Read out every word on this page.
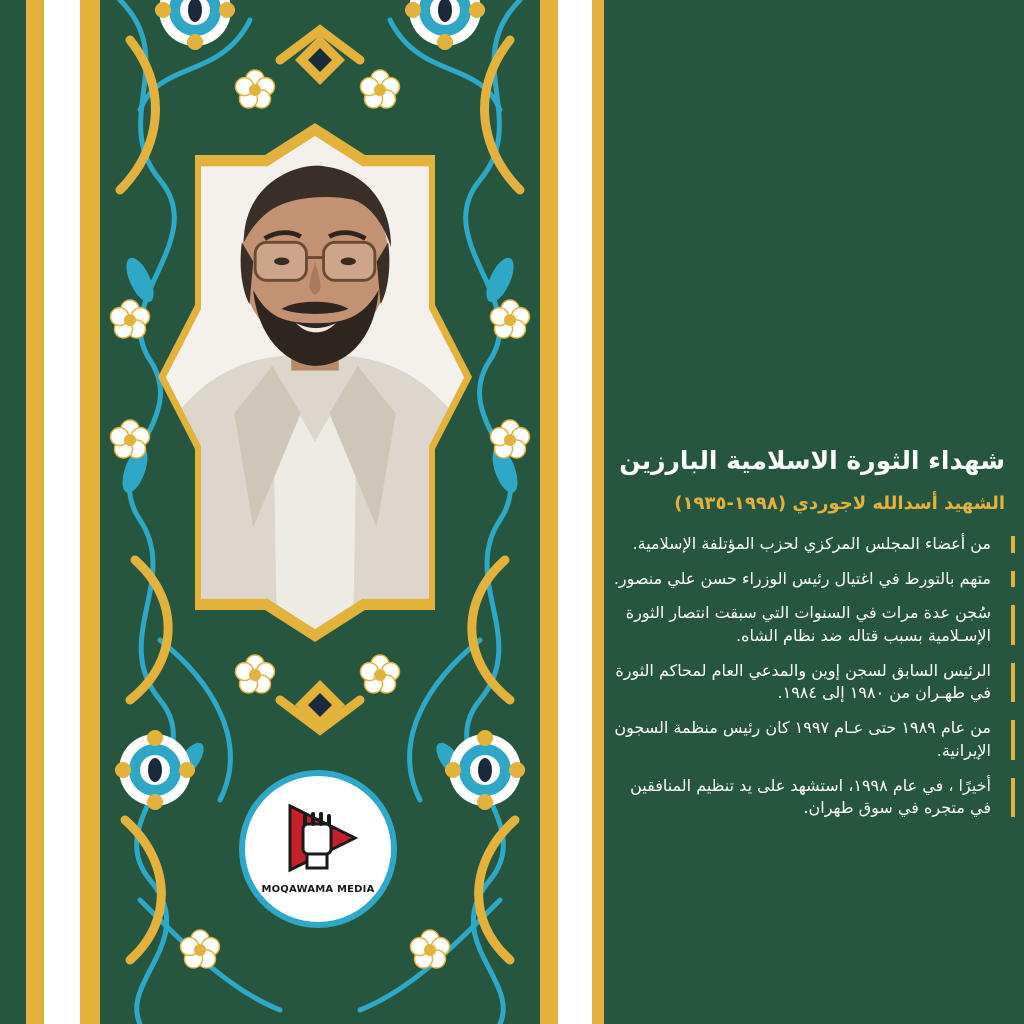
MOQAWAMA MEDIA
شهداء الثورة الاسلامية البارزين
الشهيد أسدالله لاجوردي (١٩٩٨-١٩٣٥)
من أعضاء المجلس المركزي لحزب المؤتلفة الإسلامية.
متهم بالتورط في اغتيال رئيس الوزراء حسن علي منصور.
سُجن عدة مرات في السنوات التي سبقت انتصار الثورة الإسـلامية بسبب قتاله ضد نظام الشاه.
الرئيس السابق لسجن إوين والمدعي العام لمحاكم الثورة في طهـران من ١٩٨٠ إلى ١٩٨٤.
من عام ١٩٨٩ حتى عـام ١٩٩٧ كان رئيس منظمة السجون الإيرانية.
أخيرًا ، في عام ١٩٩٨، استشهد على يد تنظيم المنافقين في متجره في سوق طهران.
